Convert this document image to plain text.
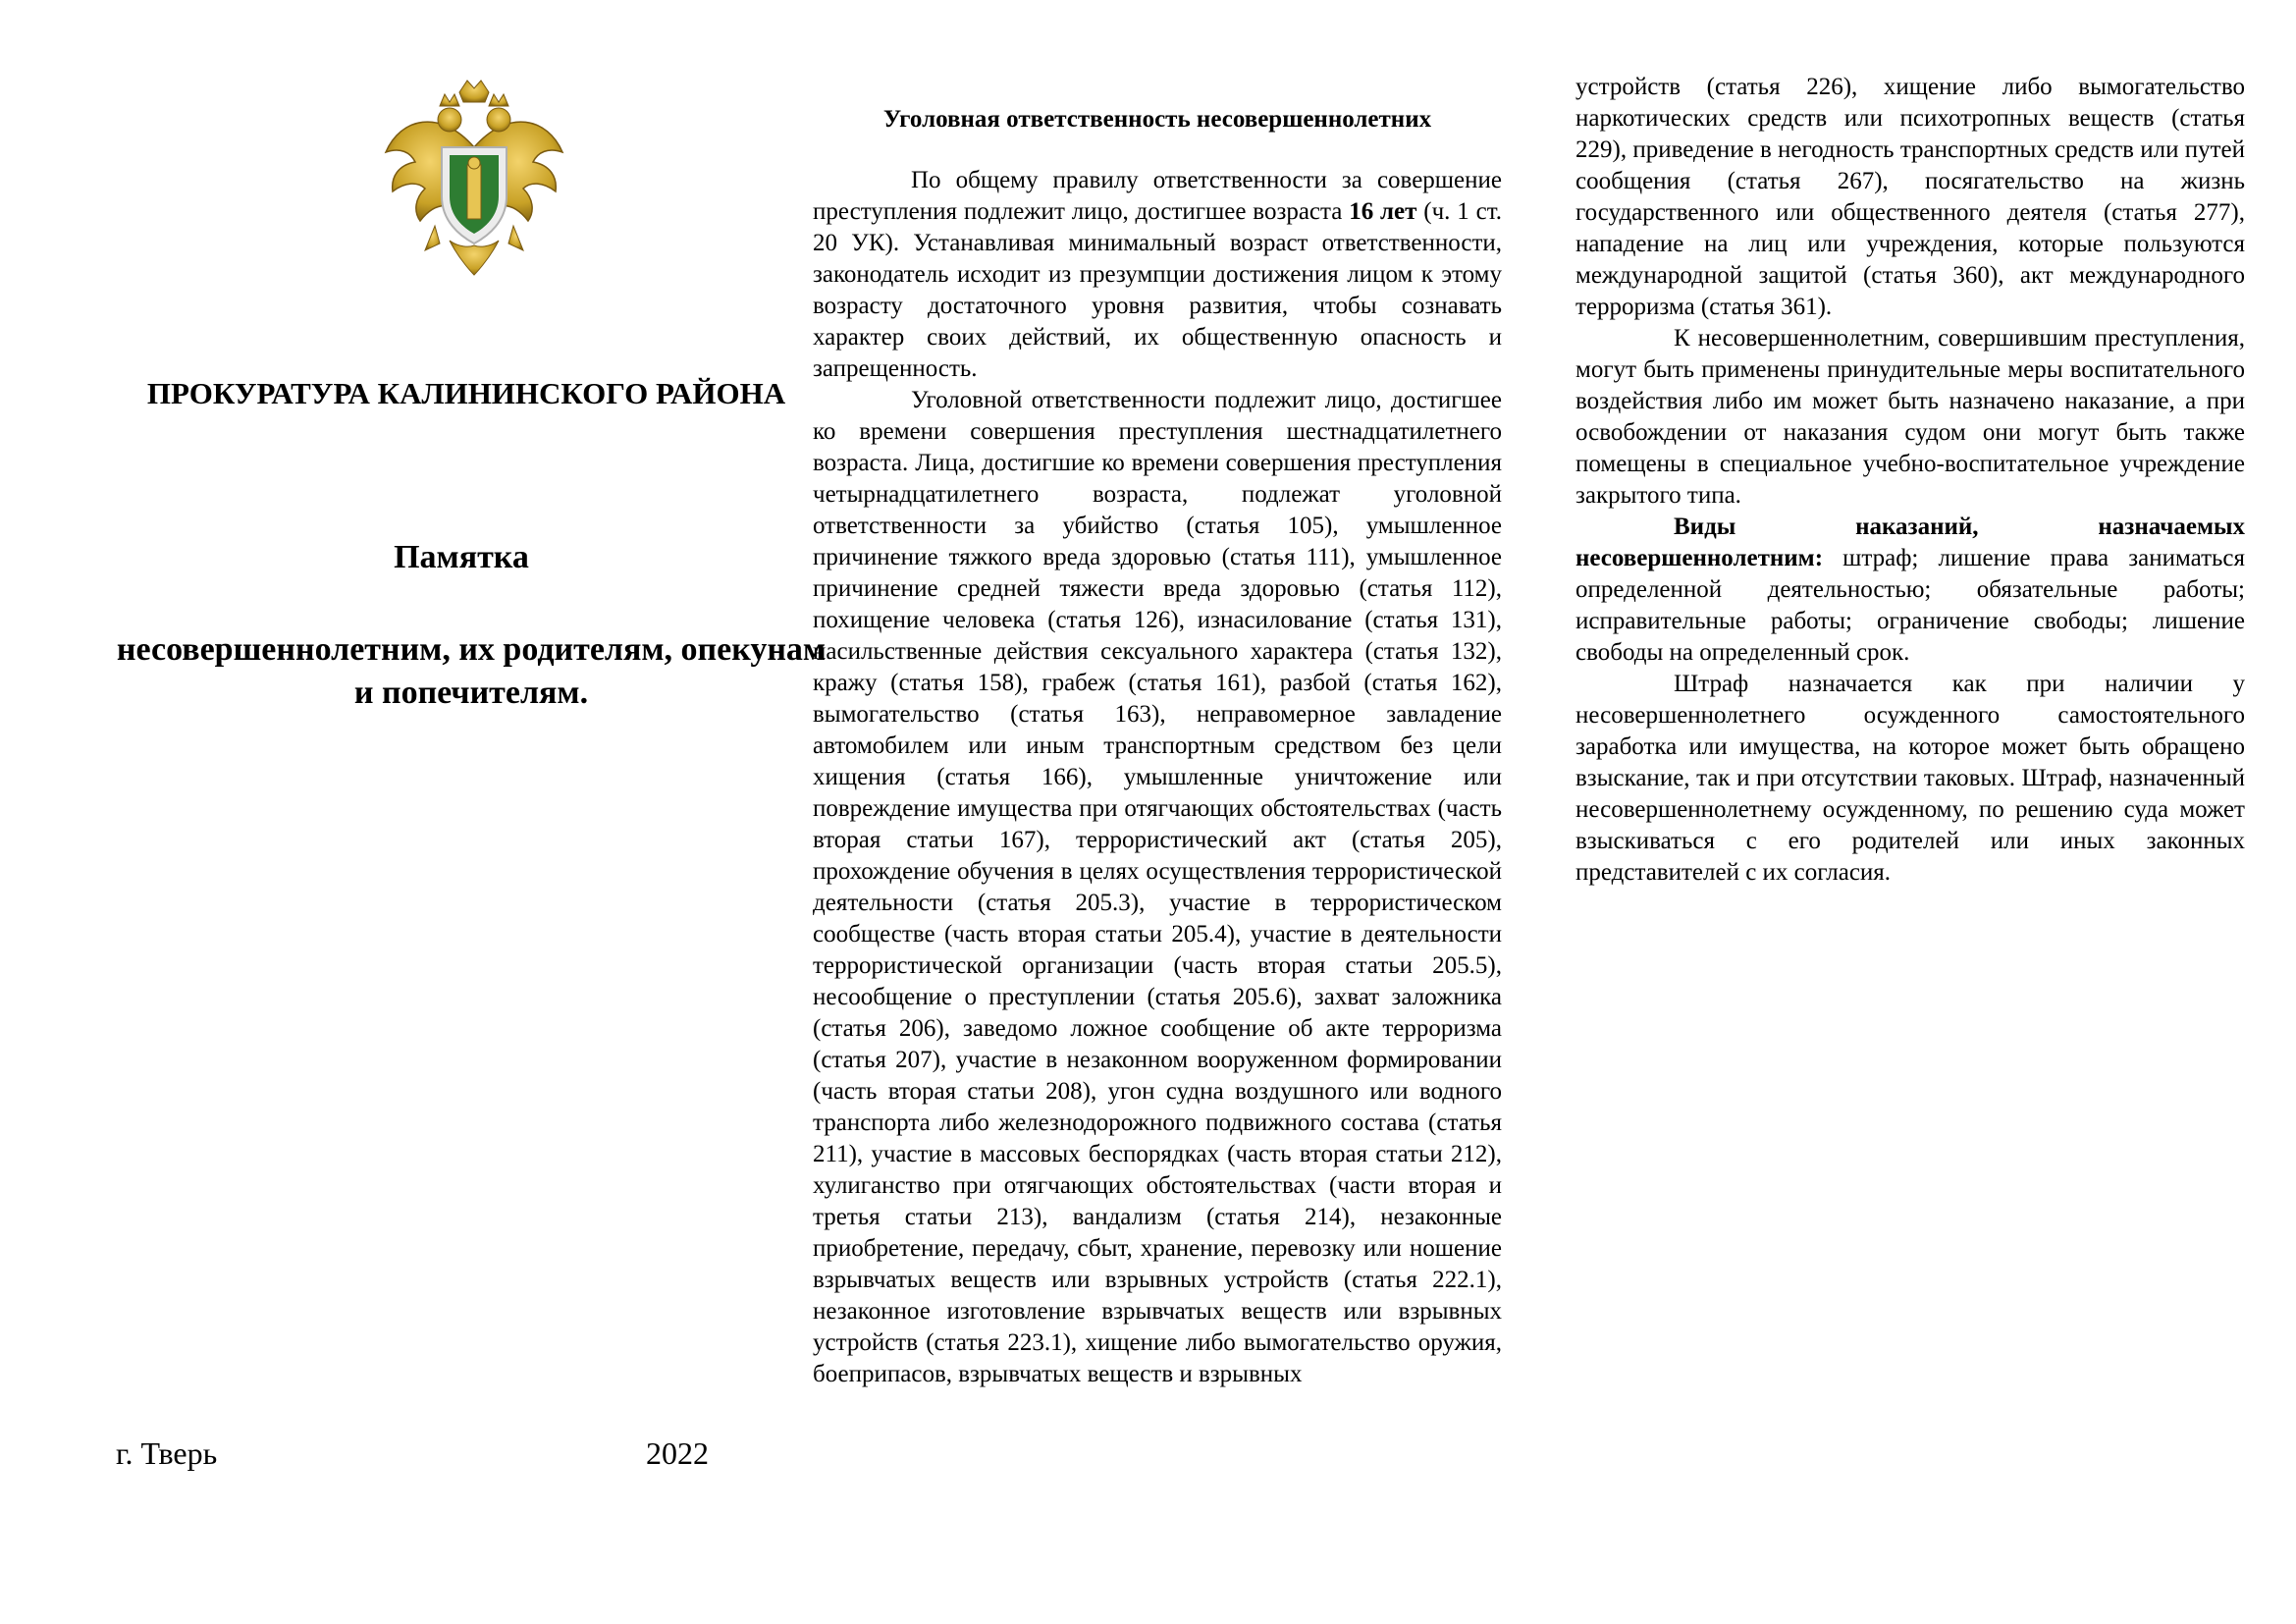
ПРОКУРАТУРА КАЛИНИНСКОГО РАЙОНА
Памятка
несовершеннолетним, их родителям, опекунам и попечителям.
г. Тверь	2022

Уголовная ответственность несовершеннолетних

По общему правилу ответственности за совершение преступления подлежит лицо, достигшее возраста 16 лет (ч. 1 ст. 20 УК). Устанавливая минимальный возраст ответственности, законодатель исходит из презумпции достижения лицом к этому возрасту достаточного уровня развития, чтобы сознавать характер своих действий, их общественную опасность и запрещенность.

Уголовной ответственности подлежит лицо, достигшее ко времени совершения преступления шестнадцатилетнего возраста. Лица, достигшие ко времени совершения преступления четырнадцатилетнего возраста, подлежат уголовной ответственности за убийство (статья 105), умышленное причинение тяжкого вреда здоровью (статья 111), умышленное причинение средней тяжести вреда здоровью (статья 112), похищение человека (статья 126), изнасилование (статья 131), насильственные действия сексуального характера (статья 132), кражу (статья 158), грабеж (статья 161), разбой (статья 162), вымогательство (статья 163), неправомерное завладение автомобилем или иным транспортным средством без цели хищения (статья 166), умышленные уничтожение или повреждение имущества при отягчающих обстоятельствах (часть вторая статьи 167), террористический акт (статья 205), прохождение обучения в целях осуществления террористической деятельности (статья 205.3), участие в террористическом сообществе (часть вторая статьи 205.4), участие в деятельности террористической организации (часть вторая статьи 205.5), несообщение о преступлении (статья 205.6), захват заложника (статья 206), заведомо ложное сообщение об акте терроризма (статья 207), участие в незаконном вооруженном формировании (часть вторая статьи 208), угон судна воздушного или водного транспорта либо железнодорожного подвижного состава (статья 211), участие в массовых беспорядках (часть вторая статьи 212), хулиганство при отягчающих обстоятельствах (части вторая и третья статьи 213), вандализм (статья 214), незаконные приобретение, передачу, сбыт, хранение, перевозку или ношение взрывчатых веществ или взрывных устройств (статья 222.1), незаконное изготовление взрывчатых веществ или взрывных устройств (статья 223.1), хищение либо вымогательство оружия, боеприпасов, взрывчатых веществ и взрывных

устройств (статья 226), хищение либо вымогательство наркотических средств или психотропных веществ (статья 229), приведение в негодность транспортных средств или путей сообщения (статья 267), посягательство на жизнь государственного или общественного деятеля (статья 277), нападение на лиц или учреждения, которые пользуются международной защитой (статья 360), акт международного терроризма (статья 361).

К несовершеннолетним, совершившим преступления, могут быть применены принудительные меры воспитательного воздействия либо им может быть назначено наказание, а при освобождении от наказания судом они могут быть также помещены в специальное учебно-воспитательное учреждение закрытого типа.

Виды наказаний, назначаемых несовершеннолетним: штраф; лишение права заниматься определенной деятельностью; обязательные работы; исправительные работы; ограничение свободы; лишение свободы на определенный срок.

Штраф назначается как при наличии у несовершеннолетнего осужденного самостоятельного заработка или имущества, на которое может быть обращено взыскание, так и при отсутствии таковых. Штраф, назначенный несовершеннолетнему осужденному, по решению суда может взыскиваться с его родителей или иных законных представителей с их согласия.
